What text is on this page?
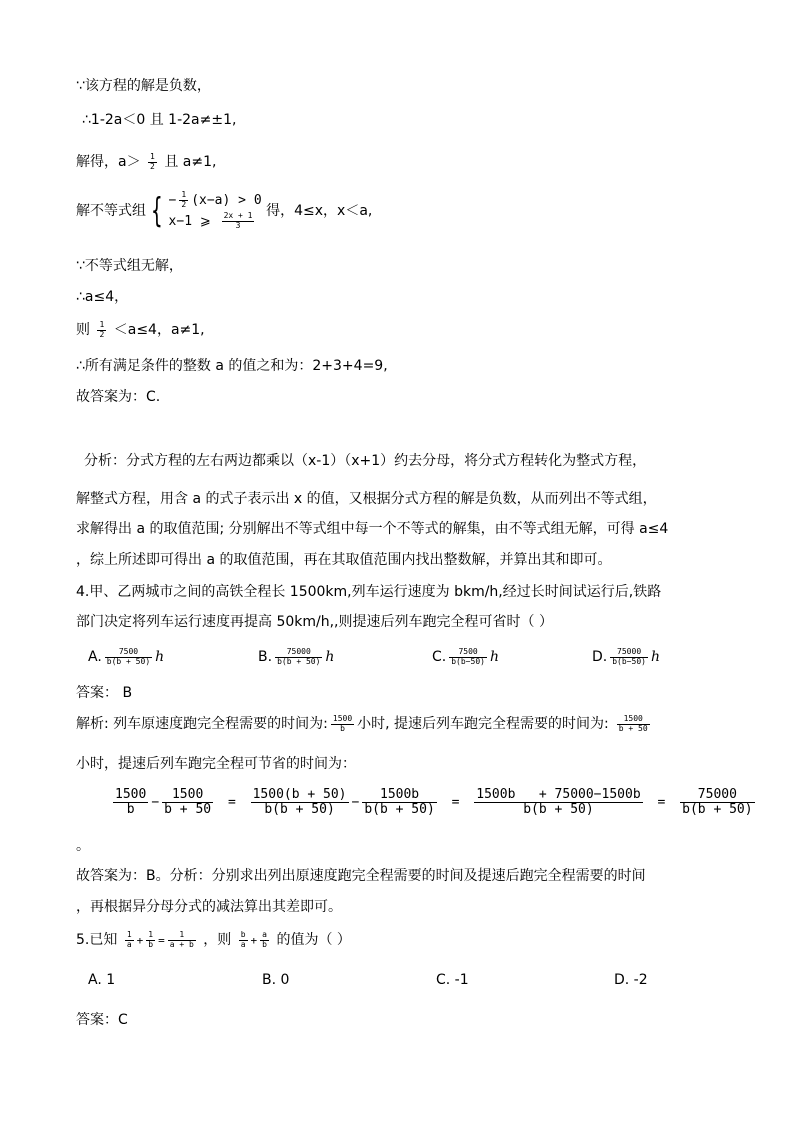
∵该方程的解是负数，
∴1-2a＜0 且 1-2a≠±1,
解得，$a> \frac{1}{2}$ 且 a≠1,
解不等式组 { − $\frac{1}{2} (x-a) > 0$
x−1 ⩾ $\frac{2x + 1}{3}$
得，4≤x，x＜a,
∵不等式组无解，
∴a≤4，
则 $\frac{1}{2} <a\le 4$，a≠1,
∴所有满足条件的整数 a 的值之和为：2+3+4=9,
故答案为：C.
分析：分式方程的左右两边都乘以（x-1）（x+1）约去分母，将分式方程转化为整式方程，
解整式方程，用含 a 的式子表示出 x 的值，又根据分式方程的解是负数，从而列出不等式组，
求解得出 a 的取值范围; 分别解出不等式组中每一个不等式的解集，由不等式组无解，可得 a≤4
，综上所述即可得出 a 的取值范围，再在其取值范围内找出整数解，并算出其和即可。
4.甲、乙两城市之间的高铁全程长 1500km,列车运行速度为 bkm/h,经过长时间试运行后,铁路
部门决定将列车运行速度再提高 50km/h,,则提速后列车跑完全程可省时（ ）
A. $\frac{7500}{b(b + 50)}$ h	B. $\frac{75000}{b(b + 50)}$ h	C. $\frac{7500}{b(b-50)}$ h	D. $\frac{75000}{b(b-50)}$ h
答案： B
解析: 列车原速度跑完全程需要的时间为: $\frac{1500}{b}$ 小时, 提速后列车跑完全程需要的时间为: $\frac{1500}{b + 50}$
小时，提速后列车跑完全程可节省的时间为：
$\frac{1500}{b} - \frac{1500}{b + 50} = \frac{1500(b + 50)}{b(b + 50)} - \frac{1500b}{b(b + 50)} = \frac{1500b + 75000-1500b}{b(b + 50)} = \frac{75000}{b(b + 50)}$
。
故答案为：B。分析：分别求出列出原速度跑完全程需要的时间及提速后跑完全程需要的时间
，再根据异分母分式的减法算出其差即可。
5.已知 $\frac{1}{a} + \frac{1}{b} = \frac{1}{a + b}$ ，则 $\frac{b}{a} + \frac{a}{b}$ 的值为（ ）
A. 1	B. 0	C. -1	D. -2
答案：C
